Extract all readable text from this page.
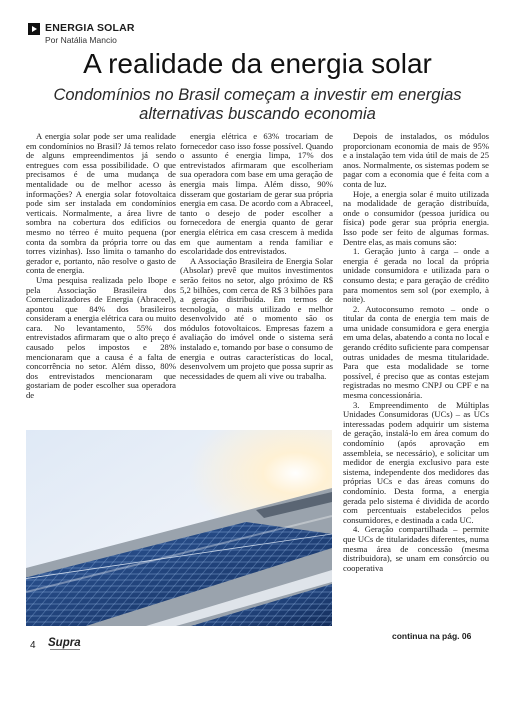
ENERGIA SOLAR
Por Natália Mancio
A realidade da energia solar
Condomínios no Brasil começam a investir em energias alternativas buscando economia

A energia solar pode ser uma realidade em condomínios no Brasil? Já temos relato de alguns empreendimentos já sendo entregues com essa possibilidade. O que precisamos é de uma mudança de mentalidade ou de melhor acesso às informações? A energia solar fotovoltaica pode sim ser instalada em condomínios verticais. Normalmente, a área livre de sombra na cobertura dos edifícios ou mesmo no térreo é muito pequena (por conta da sombra da própria torre ou das torres vizinhas). Isso limita o tamanho do gerador e, portanto, não resolve o gasto de conta de energia.

Uma pesquisa realizada pelo Ibope e pela Associação Brasileira dos Comercializadores de Energia (Abraceel), apontou que 84% dos brasileiros consideram a energia elétrica cara ou muito cara. No levantamento, 55% dos entrevistados afirmaram que o alto preço é causado pelos impostos e 28% mencionaram que a causa é a falta de concorrência no setor. Além disso, 80% dos entrevistados mencionaram que gostariam de poder escolher sua operadora de

energia elétrica e 63% trocariam de fornecedor caso isso fosse possível. Quando o assunto é energia limpa, 17% dos entrevistados afirmaram que escolheriam sua operadora com base em uma geração de energia mais limpa. Além disso, 90% disseram que gostariam de gerar sua própria energia em casa. De acordo com a Abraceel, tanto o desejo de poder escolher a fornecedora de energia quanto de gerar energia elétrica em casa crescem à medida em que aumentam a renda familiar e escolaridade dos entrevistados.

A Associação Brasileira de Energia Solar (Absolar) prevê que muitos investimentos serão feitos no setor, algo próximo de R$ 5,2 bilhões, com cerca de R$ 3 bilhões para a geração distribuída. Em termos de tecnologia, o mais utilizado e melhor desenvolvido até o momento são os módulos fotovoltaicos. Empresas fazem a avaliação do imóvel onde o sistema será instalado e, tomando por base o consumo de energia e outras características do local, desenvolvem um projeto que possa suprir as necessidades de quem ali vive ou trabalha.

Depois de instalados, os módulos proporcionam economia de mais de 95% e a instalação tem vida útil de mais de 25 anos. Normalmente, os sistemas podem se pagar com a economia que é feita com a conta de luz.

Hoje, a energia solar é muito utilizada na modalidade de geração distribuída, onde o consumidor (pessoa jurídica ou física) pode gerar sua própria energia. Isso pode ser feito de algumas formas. Dentre elas, as mais comuns são:

1. Geração junto à carga – onde a energia é gerada no local da própria unidade consumidora e utilizada para o consumo desta; e para geração de crédito para momentos sem sol (por exemplo, à noite).

2. Autoconsumo remoto – onde o titular da conta de energia tem mais de uma unidade consumidora e gera energia em uma delas, abatendo a conta no local e gerando crédito suficiente para compensar outras unidades de mesma titularidade. Para que esta modalidade se torne possível, é preciso que as contas estejam registradas no mesmo CNPJ ou CPF e na mesma concessionária.

3. Empreendimento de Múltiplas Unidades Consumidoras (UCs) – as UCs interessadas podem adquirir um sistema de geração, instalá-lo em área comum do condomínio (após aprovação em assembleia, se necessário), e solicitar um medidor de energia exclusivo para este sistema, independente dos medidores das próprias UCs e das áreas comuns do condomínio. Desta forma, a energia gerada pelo sistema é dividida de acordo com percentuais estabelecidos pelos consumidores, e destinada a cada UC.

4. Geração compartilhada – permite que UCs de titularidades diferentes, numa mesma área de concessão (mesma distribuidora), se unam em consórcio ou cooperativa

continua na pág. 06
4 Supra
